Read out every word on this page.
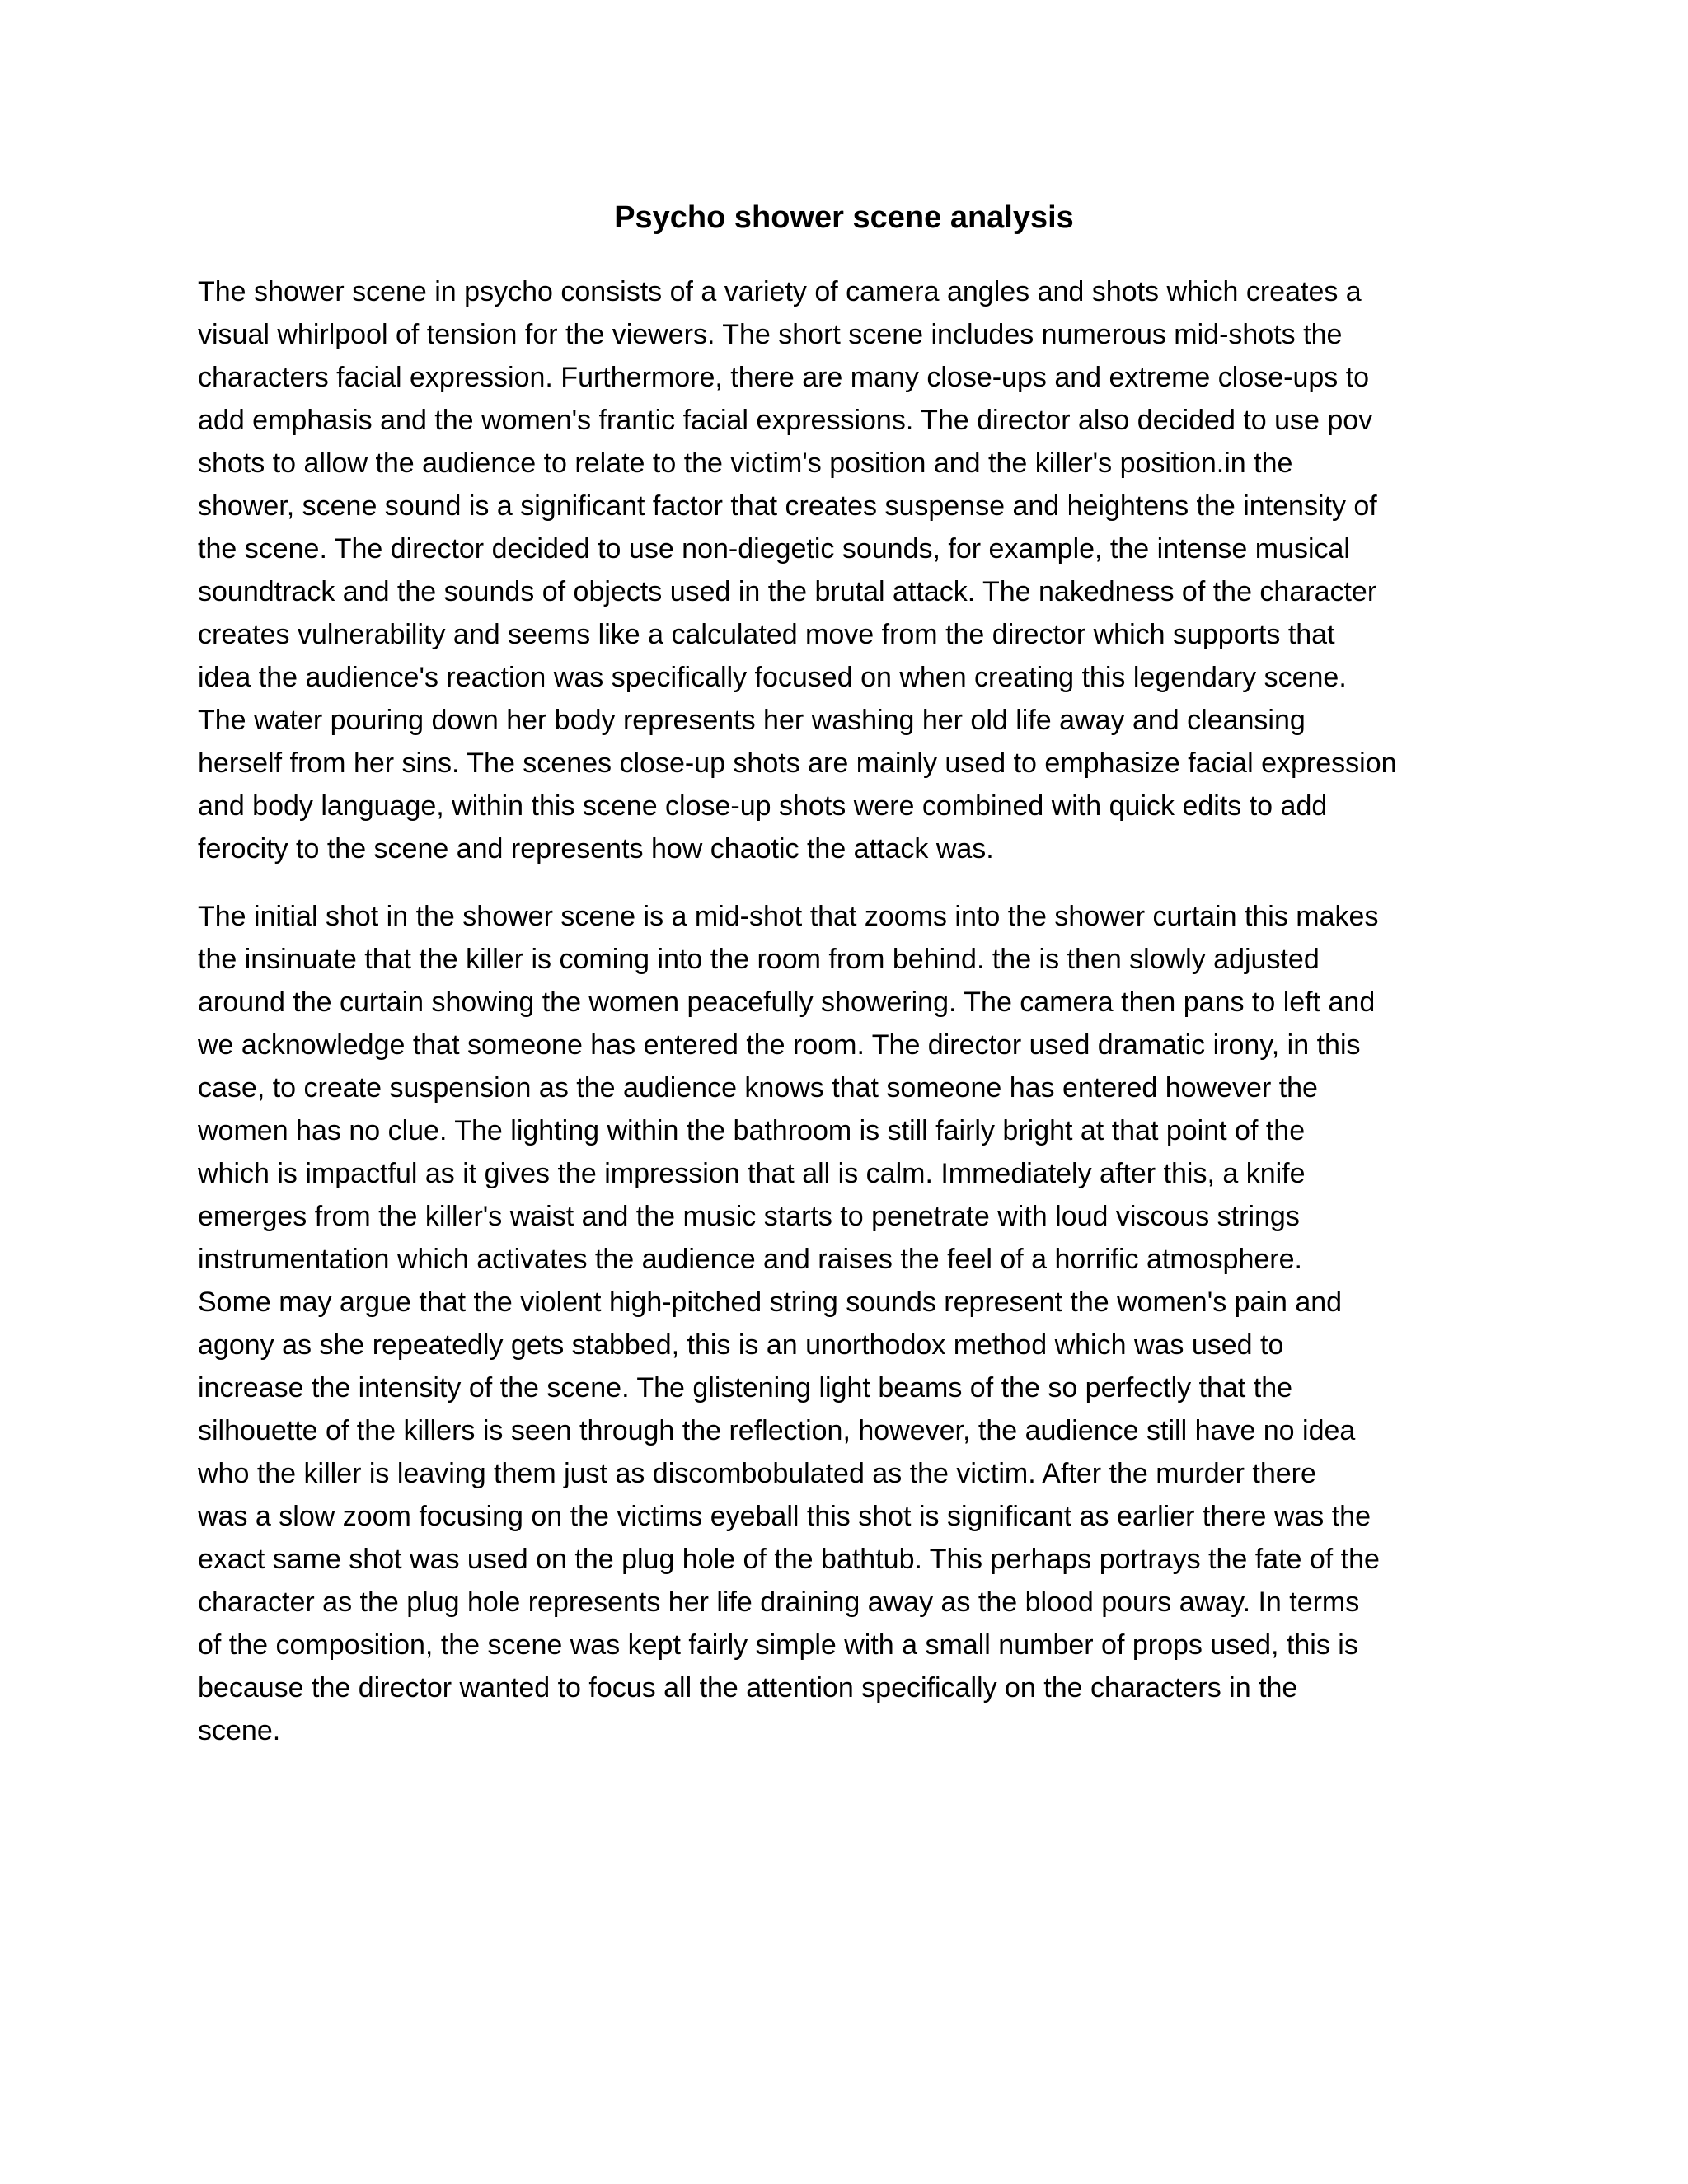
Psycho shower scene analysis
The shower scene in psycho consists of a variety of camera angles and shots which creates a
visual whirlpool of tension for the viewers. The short scene includes numerous mid-shots the
characters facial expression. Furthermore, there are many close-ups and extreme close-ups to
add emphasis and the women's frantic facial expressions. The director also decided to use pov
shots to allow the audience to relate to the victim's position and the killer's position.in the
shower, scene sound is a significant factor that creates suspense and heightens the intensity of
the scene. The director decided to use non-diegetic sounds, for example, the intense musical
soundtrack and the sounds of objects used in the brutal attack. The nakedness of the character
creates vulnerability and seems like a calculated move from the director which supports that
idea the audience's reaction was specifically focused on when creating this legendary scene.
The water pouring down her body represents her washing her old life away and cleansing
herself from her sins. The scenes close-up shots are mainly used to emphasize facial expression
and body language, within this scene close-up shots were combined with quick edits to add
ferocity to the scene and represents how chaotic the attack was.
The initial shot in the shower scene is a mid-shot that zooms into the shower curtain this makes
the insinuate that the killer is coming into the room from behind. the is then slowly adjusted
around the curtain showing the women peacefully showering. The camera then pans to left and
we acknowledge that someone has entered the room. The director used dramatic irony, in this
case, to create suspension as the audience knows that someone has entered however the
women has no clue. The lighting within the bathroom is still fairly bright at that point of the
which is impactful as it gives the impression that all is calm. Immediately after this, a knife
emerges from the killer's waist and the music starts to penetrate with loud viscous strings
instrumentation which activates the audience and raises the feel of a horrific atmosphere.
Some may argue that the violent high-pitched string sounds represent the women's pain and
agony as she repeatedly gets stabbed, this is an unorthodox method which was used to
increase the intensity of the scene. The glistening light beams of the so perfectly that the
silhouette of the killers is seen through the reflection, however, the audience still have no idea
who the killer is leaving them just as discombobulated as the victim. After the murder there
was a slow zoom focusing on the victims eyeball this shot is significant as earlier there was the
exact same shot was used on the plug hole of the bathtub. This perhaps portrays the fate of the
character as the plug hole represents her life draining away as the blood pours away. In terms
of the composition, the scene was kept fairly simple with a small number of props used, this is
because the director wanted to focus all the attention specifically on the characters in the
scene.
